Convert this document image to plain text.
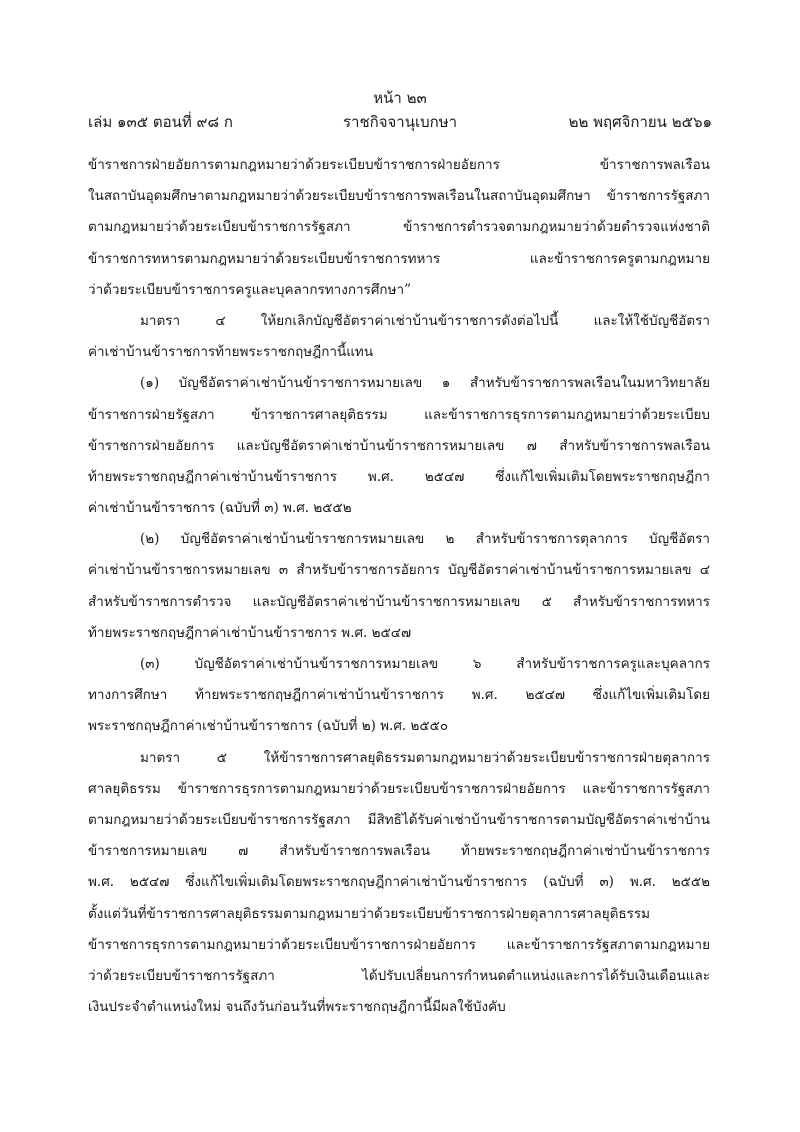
หน้า ๒๓
เล่ม ๑๓๕ ตอนที่ ๙๘ ก	ราชกิจจานุเบกษา	๒๒ พฤศจิกายน ๒๕๖๑
ข้าราชการฝ่ายอัยการตามกฎหมายว่าด้วยระเบียบข้าราชการฝ่ายอัยการ ข้าราชการพลเรือน
ในสถาบันอุดมศึกษาตามกฎหมายว่าด้วยระเบียบข้าราชการพลเรือนในสถาบันอุดมศึกษา ข้าราชการรัฐสภา
ตามกฎหมายว่าด้วยระเบียบข้าราชการรัฐสภา ข้าราชการตำรวจตามกฎหมายว่าด้วยตำรวจแห่งชาติ
ข้าราชการทหารตามกฎหมายว่าด้วยระเบียบข้าราชการทหาร และข้าราชการครูตามกฎหมาย
ว่าด้วยระเบียบข้าราชการครูและบุคลากรทางการศึกษา”
มาตรา ๔ ให้ยกเลิกบัญชีอัตราค่าเช่าบ้านข้าราชการดังต่อไปนี้ และให้ใช้บัญชีอัตรา
ค่าเช่าบ้านข้าราชการท้ายพระราชกฤษฎีกานี้แทน
(๑) บัญชีอัตราค่าเช่าบ้านข้าราชการหมายเลข ๑ สำหรับข้าราชการพลเรือนในมหาวิทยาลัย
ข้าราชการฝ่ายรัฐสภา ข้าราชการศาลยุติธรรม และข้าราชการธุรการตามกฎหมายว่าด้วยระเบียบ
ข้าราชการฝ่ายอัยการ และบัญชีอัตราค่าเช่าบ้านข้าราชการหมายเลข ๗ สำหรับข้าราชการพลเรือน
ท้ายพระราชกฤษฎีกาค่าเช่าบ้านข้าราชการ พ.ศ. ๒๕๔๗ ซึ่งแก้ไขเพิ่มเติมโดยพระราชกฤษฎีกา
ค่าเช่าบ้านข้าราชการ (ฉบับที่ ๓) พ.ศ. ๒๕๕๒
(๒) บัญชีอัตราค่าเช่าบ้านข้าราชการหมายเลข ๒ สำหรับข้าราชการตุลาการ บัญชีอัตรา
ค่าเช่าบ้านข้าราชการหมายเลข ๓ สำหรับข้าราชการอัยการ บัญชีอัตราค่าเช่าบ้านข้าราชการหมายเลข ๔
สำหรับข้าราชการตำรวจ และบัญชีอัตราค่าเช่าบ้านข้าราชการหมายเลข ๕ สำหรับข้าราชการทหาร
ท้ายพระราชกฤษฎีกาค่าเช่าบ้านข้าราชการ พ.ศ. ๒๕๔๗
(๓) บัญชีอัตราค่าเช่าบ้านข้าราชการหมายเลข ๖ สำหรับข้าราชการครูและบุคลากร
ทางการศึกษา ท้ายพระราชกฤษฎีกาค่าเช่าบ้านข้าราชการ พ.ศ. ๒๕๔๗ ซึ่งแก้ไขเพิ่มเติมโดย
พระราชกฤษฎีกาค่าเช่าบ้านข้าราชการ (ฉบับที่ ๒) พ.ศ. ๒๕๕๐
มาตรา ๕ ให้ข้าราชการศาลยุติธรรมตามกฎหมายว่าด้วยระเบียบข้าราชการฝ่ายตุลาการ
ศาลยุติธรรม ข้าราชการธุรการตามกฎหมายว่าด้วยระเบียบข้าราชการฝ่ายอัยการ และข้าราชการรัฐสภา
ตามกฎหมายว่าด้วยระเบียบข้าราชการรัฐสภา มีสิทธิได้รับค่าเช่าบ้านข้าราชการตามบัญชีอัตราค่าเช่าบ้าน
ข้าราชการหมายเลข ๗ สำหรับข้าราชการพลเรือน ท้ายพระราชกฤษฎีกาค่าเช่าบ้านข้าราชการ
พ.ศ. ๒๕๔๗ ซึ่งแก้ไขเพิ่มเติมโดยพระราชกฤษฎีกาค่าเช่าบ้านข้าราชการ (ฉบับที่ ๓) พ.ศ. ๒๕๕๒
ตั้งแต่วันที่ข้าราชการศาลยุติธรรมตามกฎหมายว่าด้วยระเบียบข้าราชการฝ่ายตุลาการศาลยุติธรรม
ข้าราชการธุรการตามกฎหมายว่าด้วยระเบียบข้าราชการฝ่ายอัยการ และข้าราชการรัฐสภาตามกฎหมาย
ว่าด้วยระเบียบข้าราชการรัฐสภา ได้ปรับเปลี่ยนการกำหนดตำแหน่งและการได้รับเงินเดือนและ
เงินประจำตำแหน่งใหม่ จนถึงวันก่อนวันที่พระราชกฤษฎีกานี้มีผลใช้บังคับ
